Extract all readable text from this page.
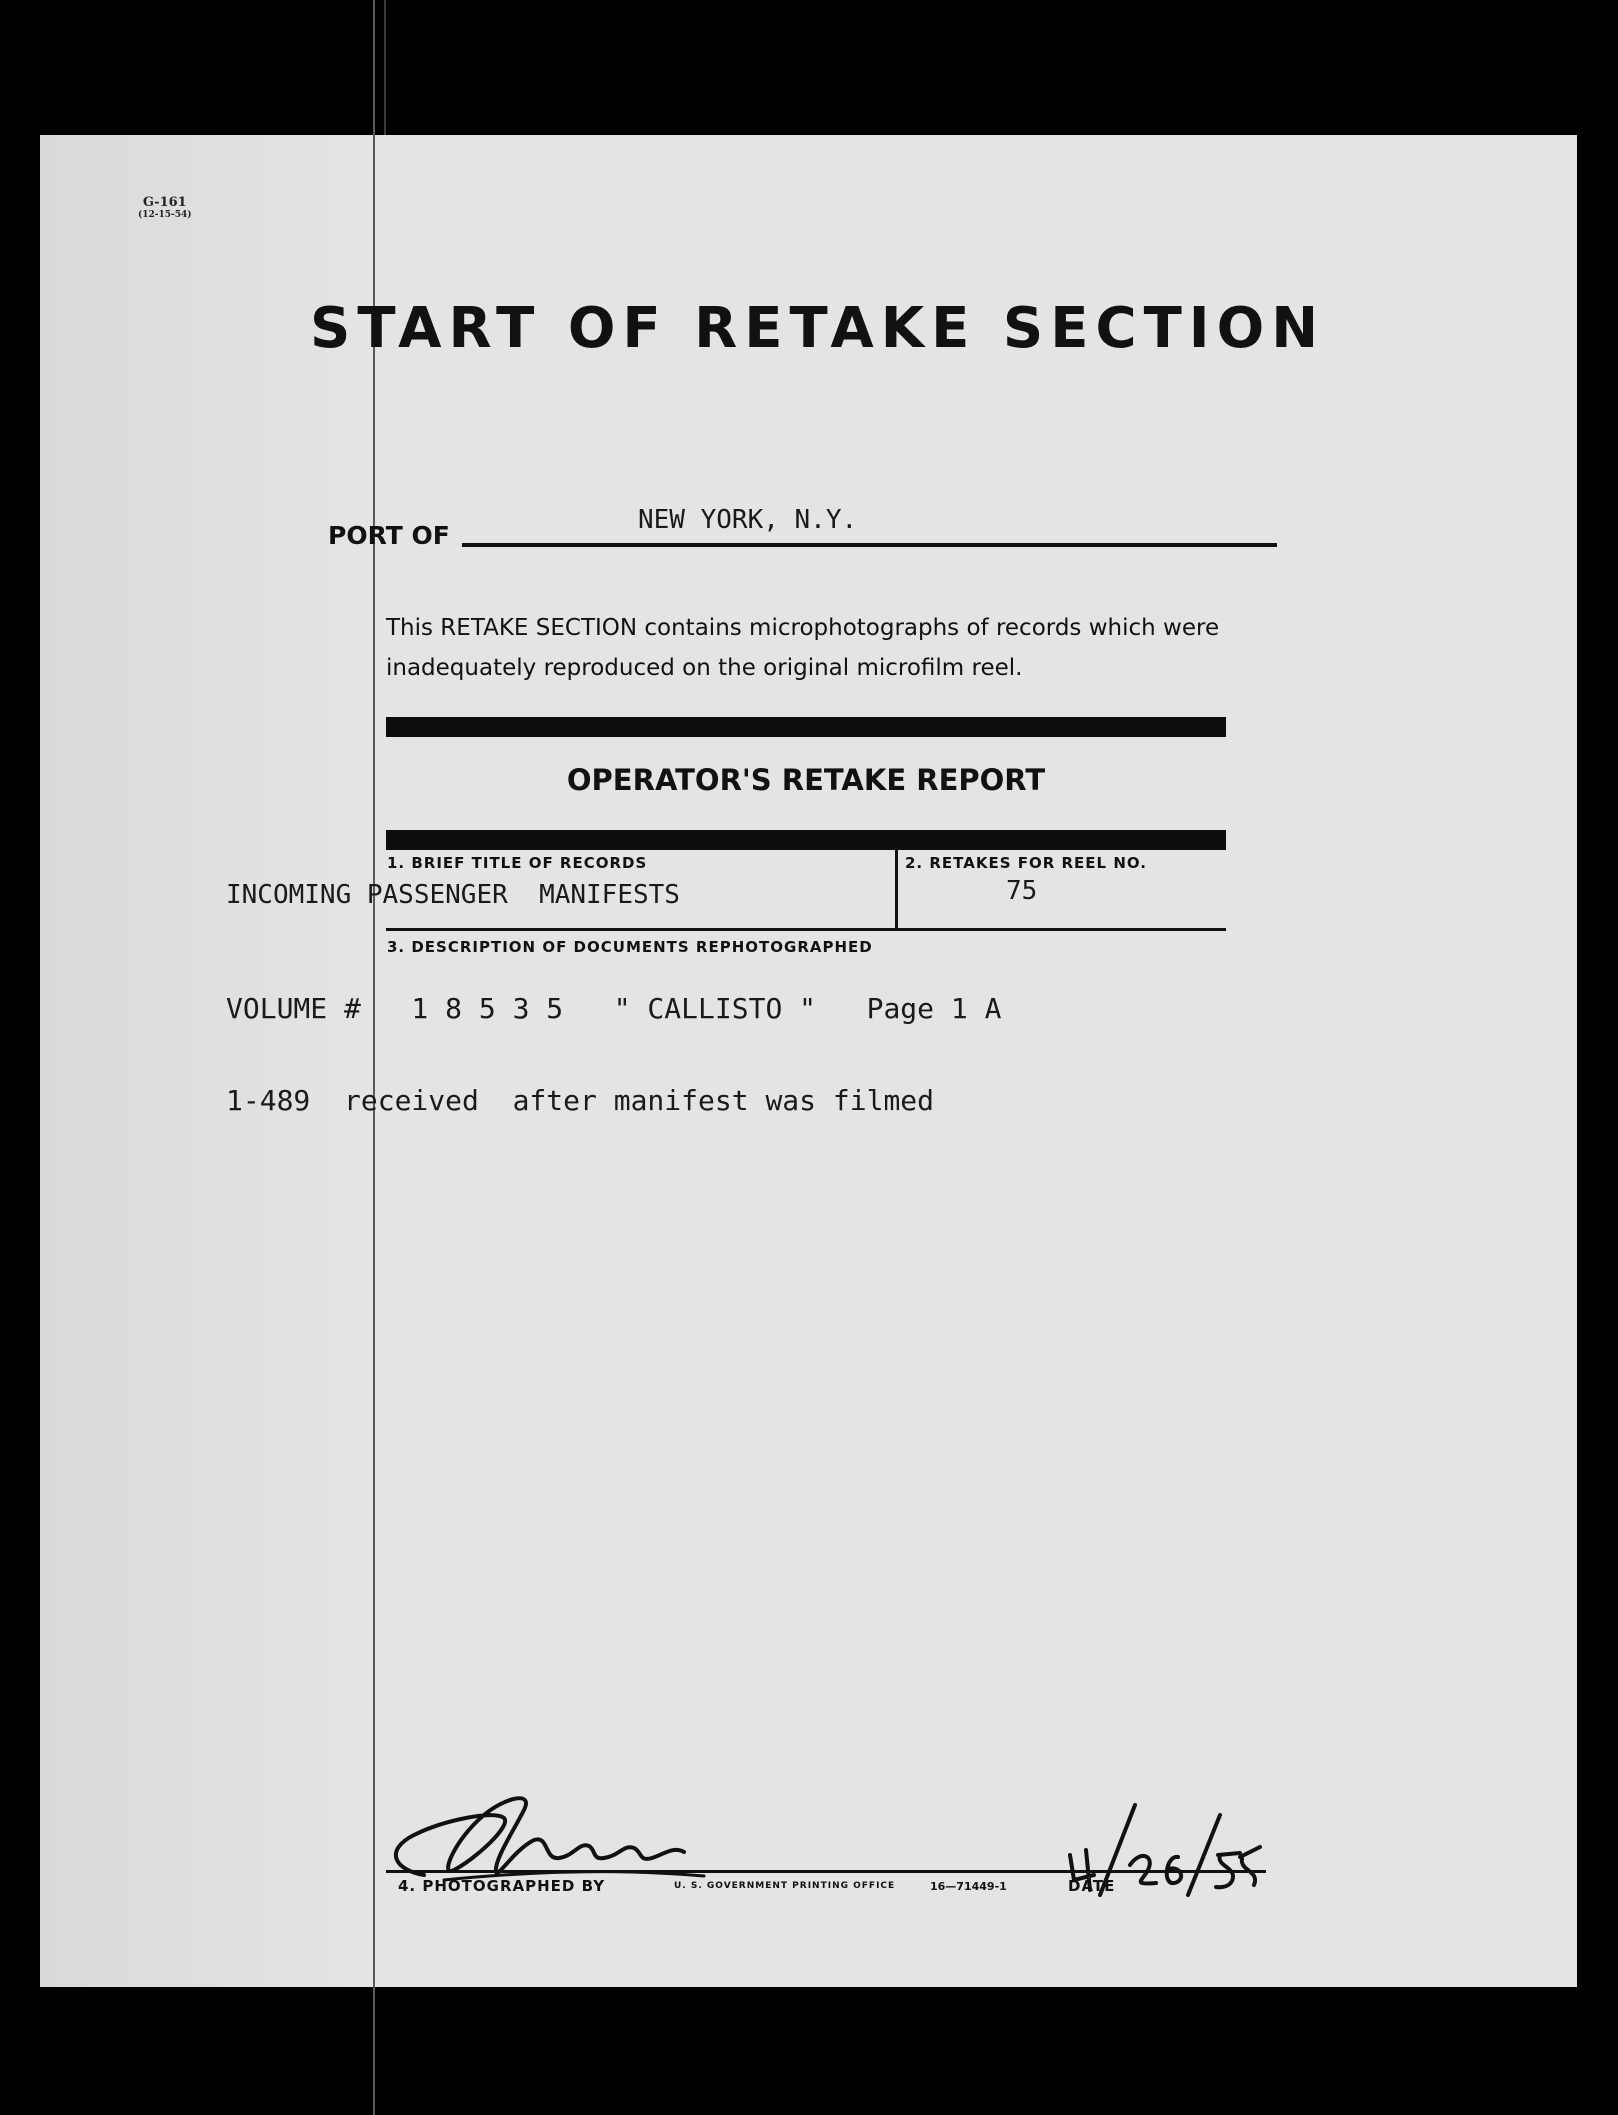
G-161
(12-15-54)
START OF RETAKE SECTION
PORT OF
NEW YORK, N.Y.
This RETAKE SECTION contains microphotographs of records which were
inadequately reproduced on the original microfilm reel.
OPERATOR'S RETAKE REPORT
1. BRIEF TITLE OF RECORDS	2. RETAKES FOR REEL NO.
INCOMING PASSENGER  MANIFESTS	75
3. DESCRIPTION OF DOCUMENTS REPHOTOGRAPHED
VOLUME #   1 8 5 3 5   " CALLISTO "   Page 1 A
1-489  received  after manifest was filmed
4. PHOTOGRAPHED BY	U. S. GOVERNMENT PRINTING OFFICE	16—71449-1	DATE
